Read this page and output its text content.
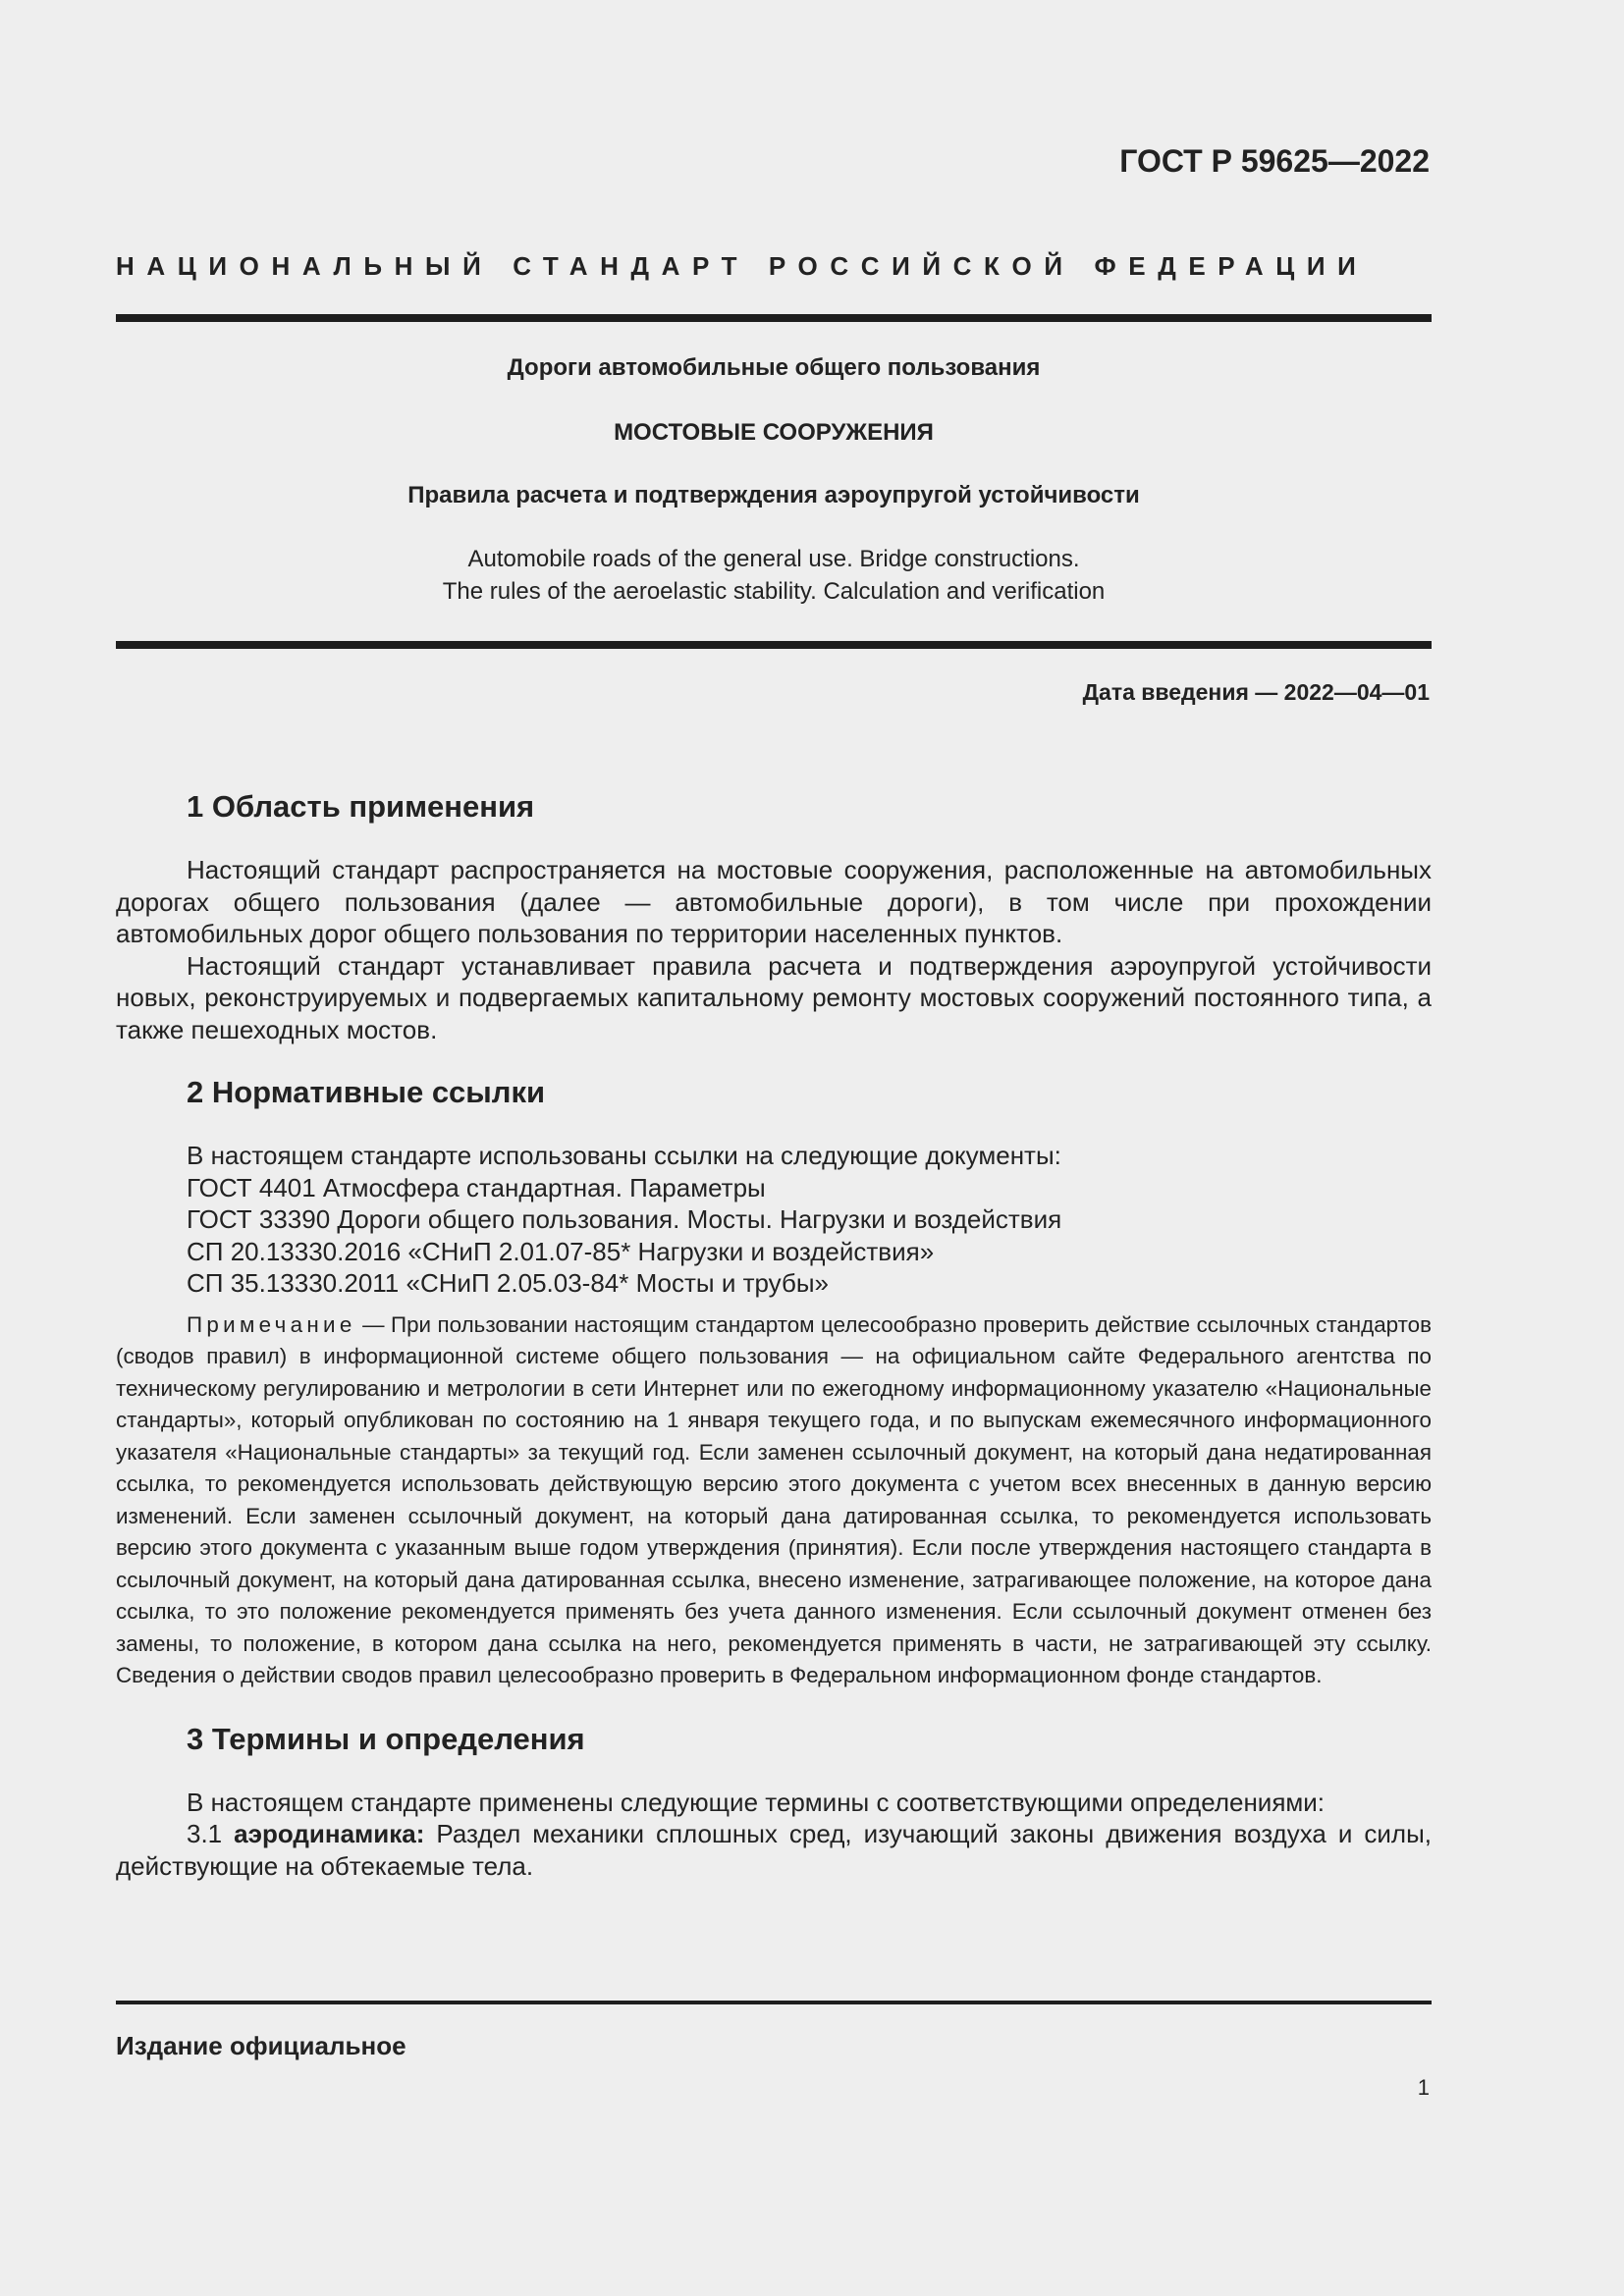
ГОСТ Р 59625—2022
НАЦИОНАЛЬНЫЙ СТАНДАРТ РОССИЙСКОЙ ФЕДЕРАЦИИ
Дороги автомобильные общего пользования
МОСТОВЫЕ СООРУЖЕНИЯ
Правила расчета и подтверждения аэроупругой устойчивости
Automobile roads of the general use. Bridge constructions.
The rules of the aeroelastic stability. Calculation and verification
Дата введения — 2022—04—01
1 Область применения

Настоящий стандарт распространяется на мостовые сооружения, расположенные на автомобильных дорогах общего пользования (далее — автомобильные дороги), в том числе при прохождении автомобильных дорог общего пользования по территории населенных пунктов.

Настоящий стандарт устанавливает правила расчета и подтверждения аэроупругой устойчивости новых, реконструируемых и подвергаемых капитальному ремонту мостовых сооружений постоянного типа, а также пешеходных мостов.

2 Нормативные ссылки

В настоящем стандарте использованы ссылки на следующие документы:

ГОСТ 4401 Атмосфера стандартная. Параметры

ГОСТ 33390 Дороги общего пользования. Мосты. Нагрузки и воздействия

СП 20.13330.2016 «СНиП 2.01.07-85* Нагрузки и воздействия»

СП 35.13330.2011 «СНиП 2.05.03-84* Мосты и трубы»

Примечание — При пользовании настоящим стандартом целесообразно проверить действие ссылочных стандартов (сводов правил) в информационной системе общего пользования — на официальном сайте Федерального агентства по техническому регулированию и метрологии в сети Интернет или по ежегодному информационному указателю «Национальные стандарты», который опубликован по состоянию на 1 января текущего года, и по выпускам ежемесячного информационного указателя «Национальные стандарты» за текущий год. Если заменен ссылочный документ, на который дана недатированная ссылка, то рекомендуется использовать действующую версию этого документа с учетом всех внесенных в данную версию изменений. Если заменен ссылочный документ, на который дана датированная ссылка, то рекомендуется использовать версию этого документа с указанным выше годом утверждения (принятия). Если после утверждения настоящего стандарта в ссылочный документ, на который дана датированная ссылка, внесено изменение, затрагивающее положение, на которое дана ссылка, то это положение рекомендуется применять без учета данного изменения. Если ссылочный документ отменен без замены, то положение, в котором дана ссылка на него, рекомендуется применять в части, не затрагивающей эту ссылку. Сведения о действии сводов правил целесообразно проверить в Федеральном информационном фонде стандартов.

3 Термины и определения

В настоящем стандарте применены следующие термины с соответствующими определениями:

3.1 аэродинамика: Раздел механики сплошных сред, изучающий законы движения воздуха и силы, действующие на обтекаемые тела.

Издание официальное
1
